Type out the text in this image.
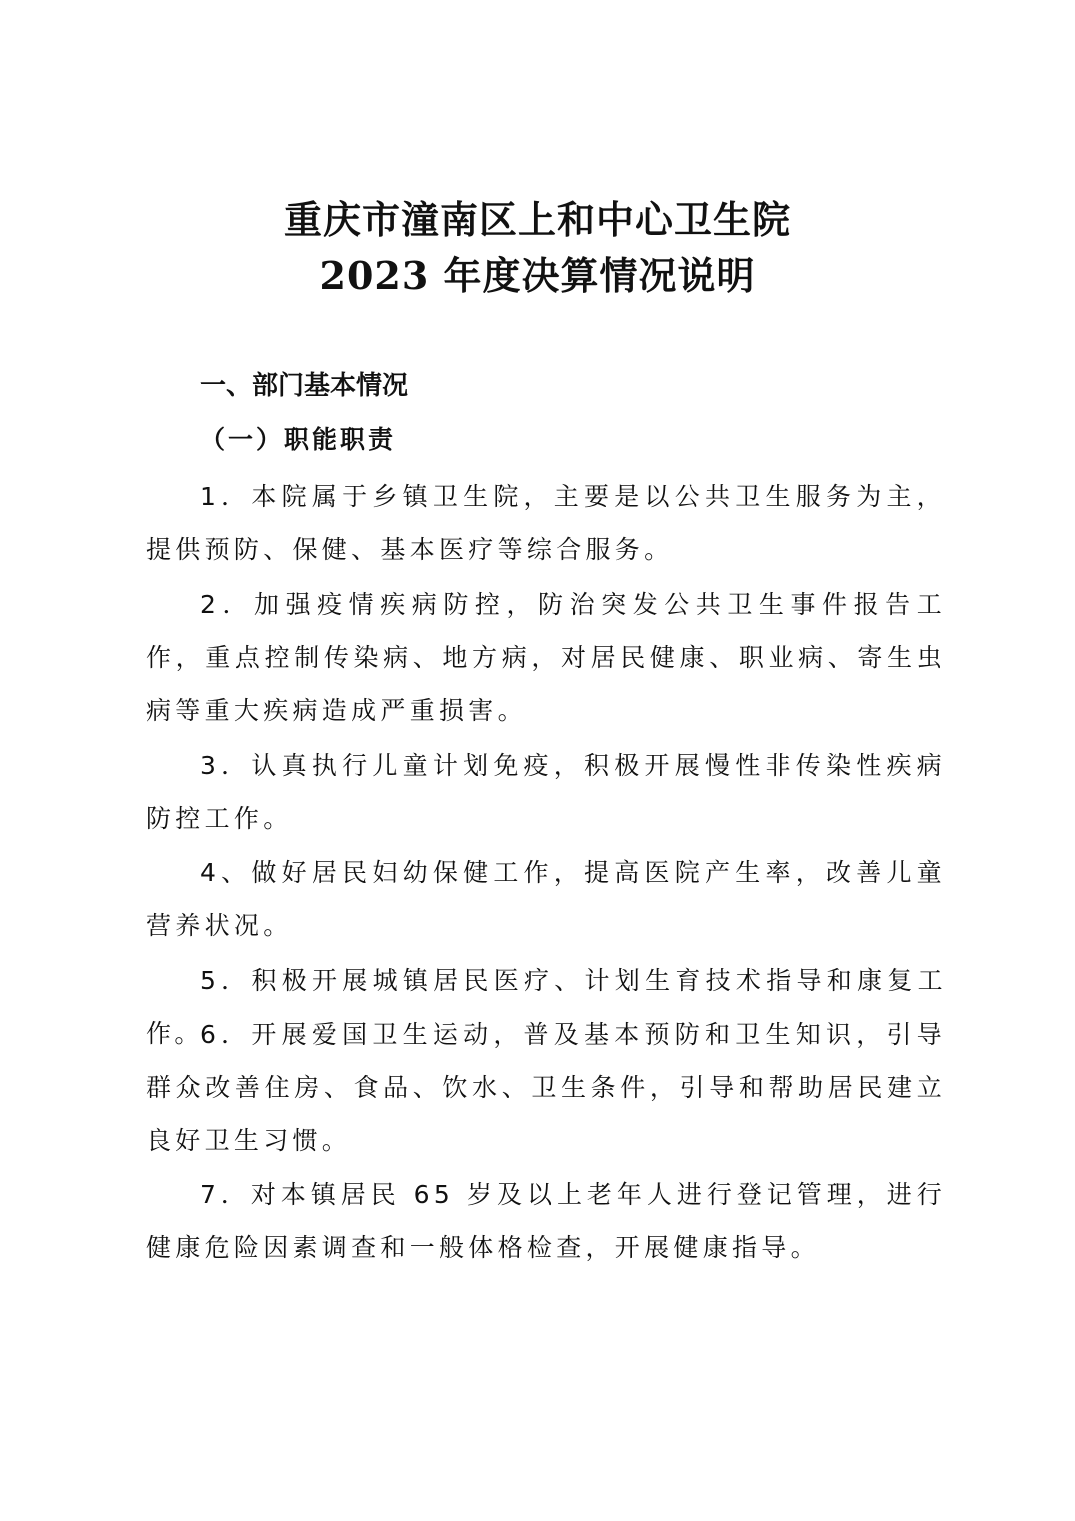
重庆市潼南区上和中心卫生院
2023 年度决算情况说明
一、部门基本情况
（一）职能职责

1．本院属于乡镇卫生院，主要是以公共卫生服务为主，提供预防、保健、基本医疗等综合服务。

2．加强疫情疾病防控，防治突发公共卫生事件报告工作，重点控制传染病、地方病，对居民健康、职业病、寄生虫病等重大疾病造成严重损害。

3．认真执行儿童计划免疫，积极开展慢性非传染性疾病防控工作。

4、做好居民妇幼保健工作，提高医院产生率，改善儿童营养状况。

5．积极开展城镇居民医疗、计划生育技术指导和康复工作。

6．开展爱国卫生运动，普及基本预防和卫生知识，引导群众改善住房、食品、饮水、卫生条件，引导和帮助居民建立良好卫生习惯。

7．对本镇居民 65 岁及以上老年人进行登记管理，进行健康危险因素调查和一般体格检查，开展健康指导。
